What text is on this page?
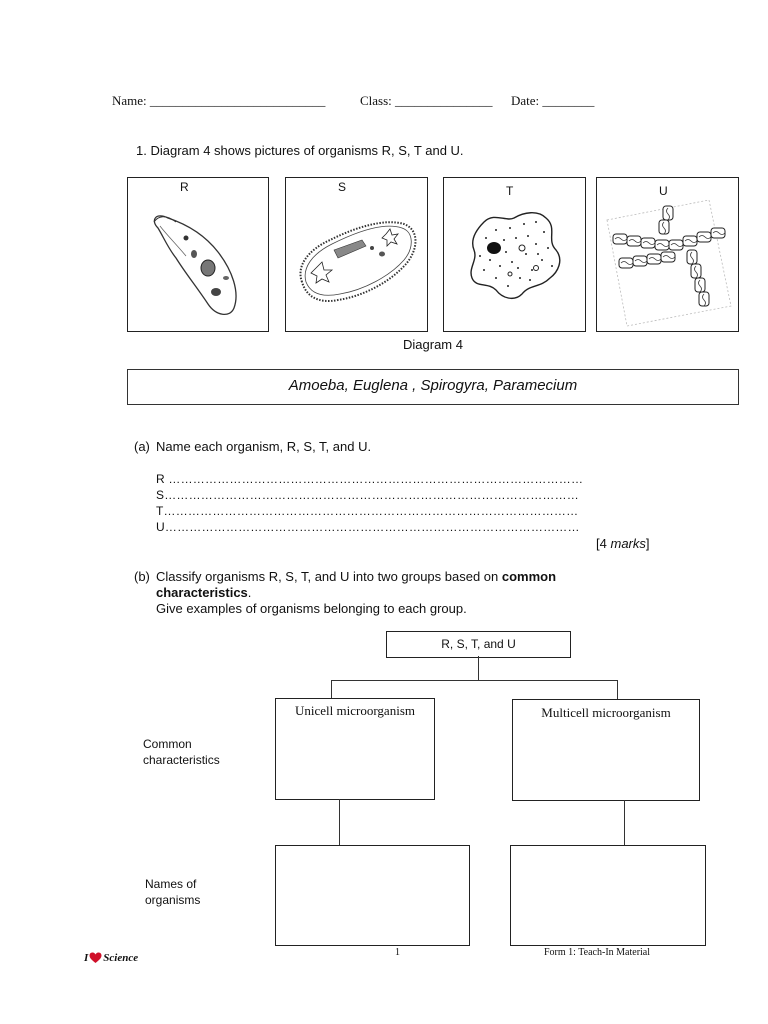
Name: ___________________________	Class: _______________ Date: ________
1. Diagram 4 shows pictures of organisms R, S, T and U.
R	S	T	U
Diagram 4
Amoeba, Euglena , Spirogyra, Paramecium
(a) Name each organism, R, S, T, and U.
R …………………………………………………………………………………………
S…………………………………………………………………………………………
T…………………………………………………………………………………………
U…………………………………………………………………………………………
[4 marks]
(b) Classify organisms R, S, T, and U into two groups based on common characteristics.
Give examples of organisms belonging to each group.
R, S, T, and U
Unicell microorganism	Multicell microorganism
Common
characteristics
Names of
organisms
I Science	1	Form 1: Teach-In Material
